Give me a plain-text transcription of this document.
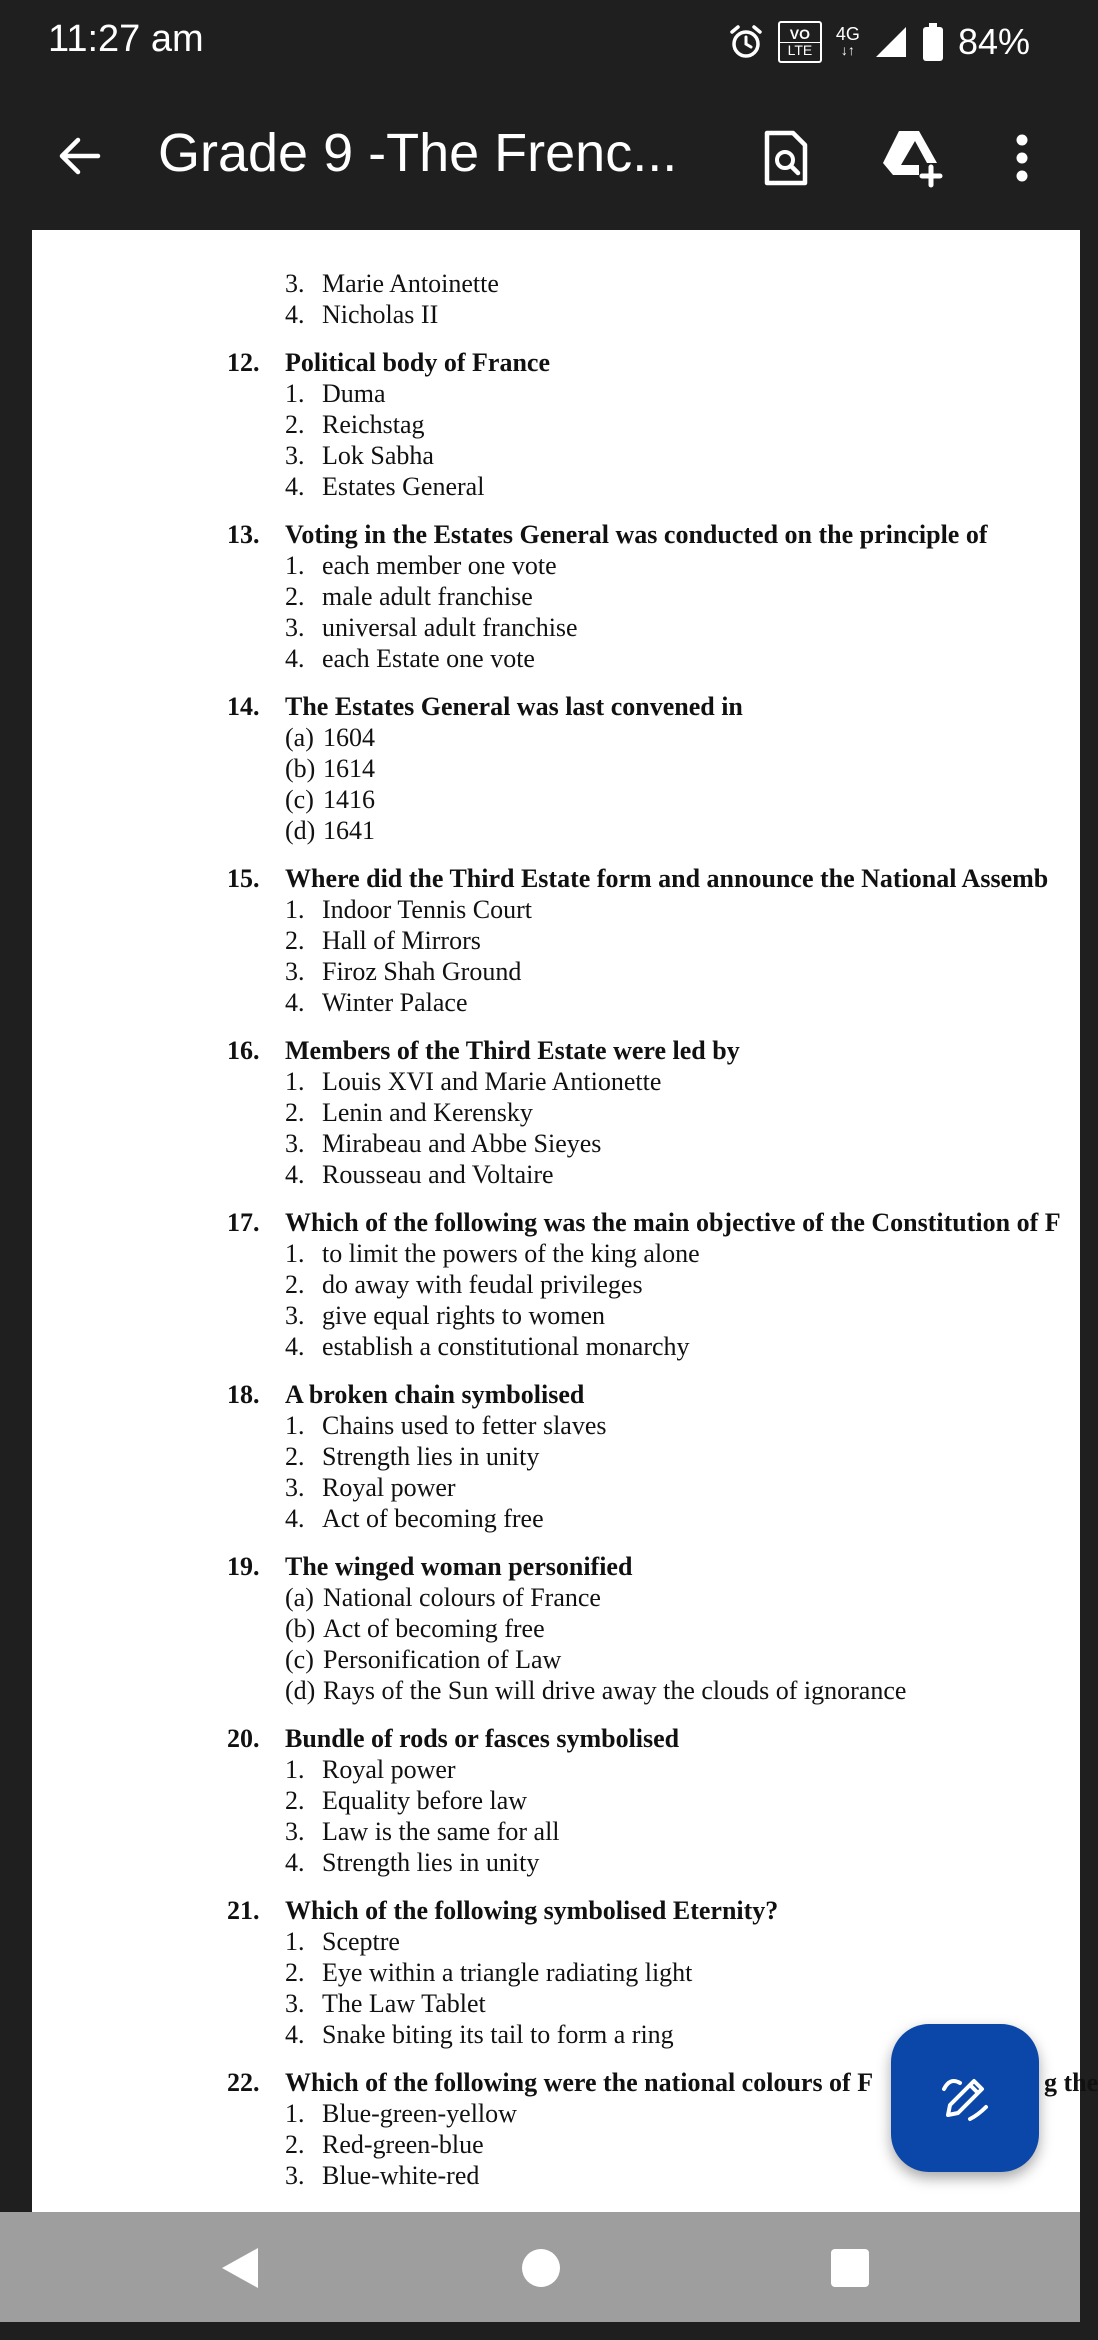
11:27 am	VO
LTE
4G
↓↑	84%
Grade 9 -The Frenc...
3. Marie Antoinette
4. Nicholas II
12. Political body of France
1. Duma
2. Reichstag
3. Lok Sabha
4. Estates General
13. Voting in the Estates General was conducted on the principle of
1. each member one vote
2. male adult franchise
3. universal adult franchise
4. each Estate one vote
14. The Estates General was last convened in
(a) 1604
(b) 1614
(c) 1416
(d) 1641
15. Where did the Third Estate form and announce the National Assemb
1. Indoor Tennis Court
2. Hall of Mirrors
3. Firoz Shah Ground
4. Winter Palace
16. Members of the Third Estate were led by
1. Louis XVI and Marie Antionette
2. Lenin and Kerensky
3. Mirabeau and Abbe Sieyes
4. Rousseau and Voltaire
17. Which of the following was the main objective of the Constitution of F
1. to limit the powers of the king alone
2. do away with feudal privileges
3. give equal rights to women
4. establish a constitutional monarchy
18. A broken chain symbolised
1. Chains used to fetter slaves
2. Strength lies in unity
3. Royal power
4. Act of becoming free
19. The winged woman personified
(a) National colours of France
(b) Act of becoming free
(c) Personification of Law
(d) Rays of the Sun will drive away the clouds of ignorance
20. Bundle of rods or fasces symbolised
1. Royal power
2. Equality before law
3. Law is the same for all
4. Strength lies in unity
21. Which of the following symbolised Eternity?
1. Sceptre
2. Eye within a triangle radiating light
3. The Law Tablet
4. Snake biting its tail to form a ring
22. Which of the following were the national colours of F	g the
1. Blue-green-yellow
2. Red-green-blue
3. Blue-white-red
